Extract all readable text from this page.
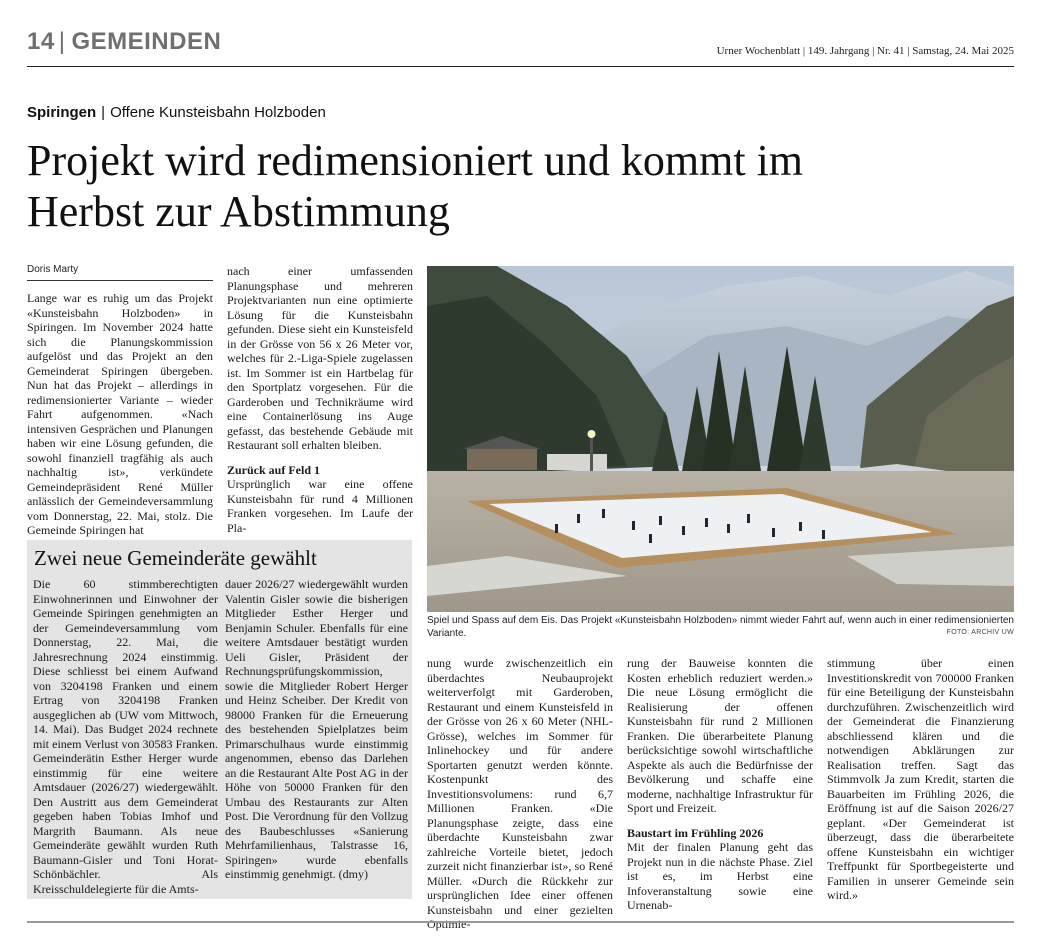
14 | GEMEINDEN	Urner Wochenblatt | 149. Jahrgang | Nr. 41 | Samstag, 24. Mai 2025
Spiringen | Offene Kunsteisbahn Holzboden
Projekt wird redimensioniert und kommt im
Herbst zur Abstimmung
Doris Marty

Lange war es ruhig um das Projekt «Kunsteisbahn Holzboden» in Spiringen. Im November 2024 hatte sich die Planungskommission aufgelöst und das Projekt an den Gemeinderat Spiringen übergeben. Nun hat das Projekt – allerdings in redimensionierter Variante – wieder Fahrt aufgenommen. «Nach intensiven Gesprächen und Planungen haben wir eine Lösung gefunden, die sowohl finanziell tragfähig als auch nachhaltig ist», verkündete Gemeindepräsident René Müller anlässlich der Gemeindeversammlung vom Donnerstag, 22. Mai, stolz. Die Gemeinde Spiringen hat

nach einer umfassenden Planungsphase und mehreren Projektvarianten nun eine optimierte Lösung für die Kunsteisbahn gefunden. Diese sieht ein Kunsteisfeld in der Grösse von 56 x 26 Meter vor, welches für 2.-Liga-Spiele zugelassen ist. Im Sommer ist ein Hartbelag für den Sportplatz vorgesehen. Für die Garderoben und Technikräume wird eine Containerlösung ins Auge gefasst, das bestehende Gebäude mit Restaurant soll erhalten bleiben.

Zurück auf Feld 1

Ursprünglich war eine offene Kunsteisbahn für rund 4 Millionen Franken vorgesehen. Im Laufe der Pla-

Spiel und Spass auf dem Eis. Das Projekt «Kunsteisbahn Holzboden» nimmt wieder Fahrt auf, wenn auch in einer redimensionierten Variante.	FOTO: ARCHIV UW
Zwei neue Gemeinderäte gewählt

Die 60 stimmberechtigten Einwohnerinnen und Einwohner der Gemeinde Spiringen genehmigten an der Gemeindeversammlung vom Donnerstag, 22. Mai, die Jahresrechnung 2024 einstimmig. Diese schliesst bei einem Aufwand von 3204198 Franken und einem Ertrag von 3204198 Franken ausgeglichen ab (UW vom Mittwoch, 14. Mai). Das Budget 2024 rechnete mit einem Verlust von 30583 Franken. Gemeinderätin Esther Herger wurde einstimmig für eine weitere Amtsdauer (2026/27) wiedergewählt. Den Austritt aus dem Gemeinderat gegeben haben Tobias Imhof und Margrith Baumann. Als neue Gemeinderäte gewählt wurden Ruth Baumann-Gisler und Toni Horat-Schönbächler. Als Kreisschuldelegierte für die Amts-

dauer 2026/27 wiedergewählt wurden Valentin Gisler sowie die bisherigen Mitglieder Esther Herger und Benjamin Schuler. Ebenfalls für eine weitere Amtsdauer bestätigt wurden Ueli Gisler, Präsident der Rechnungsprüfungskommission, sowie die Mitglieder Robert Herger und Heinz Scheiber. Der Kredit von 98000 Franken für die Erneuerung des bestehenden Spielplatzes beim Primarschulhaus wurde einstimmig angenommen, ebenso das Darlehen an die Restaurant Alte Post AG in der Höhe von 50000 Franken für den Umbau des Restaurants zur Alten Post. Die Verordnung für den Vollzug des Baubeschlusses «Sanierung Mehrfamilienhaus, Talstrasse 16, Spiringen» wurde ebenfalls einstimmig genehmigt. (dmy)

nung wurde zwischenzeitlich ein überdachtes Neubauprojekt weiterverfolgt mit Garderoben, Restaurant und einem Kunsteisfeld in der Grösse von 26 x 60 Meter (NHL-Grösse), welches im Sommer für Inlinehockey und für andere Sportarten genutzt werden könnte. Kostenpunkt des Investitionsvolumens: rund 6,7 Millionen Franken. «Die Planungsphase zeigte, dass eine überdachte Kunsteisbahn zwar zahlreiche Vorteile bietet, jedoch zurzeit nicht finanzierbar ist», so René Müller. «Durch die Rückkehr zur ursprünglichen Idee einer offenen Kunsteisbahn und einer gezielten Optimie-

rung der Bauweise konnten die Kosten erheblich reduziert werden.» Die neue Lösung ermöglicht die Realisierung der offenen Kunsteisbahn für rund 2 Millionen Franken. Die überarbeitete Planung berücksichtige sowohl wirtschaftliche Aspekte als auch die Bedürfnisse der Bevölkerung und schaffe eine moderne, nachhaltige Infrastruktur für Sport und Freizeit.

Baustart im Frühling 2026

Mit der finalen Planung geht das Projekt nun in die nächste Phase. Ziel ist es, im Herbst eine Infoveranstaltung sowie eine Urnenab-

stimmung über einen Investitionskredit von 700000 Franken für eine Beteiligung der Kunsteisbahn durchzuführen. Zwischenzeitlich wird der Gemeinderat die Finanzierung abschliessend klären und die notwendigen Abklärungen zur Realisation treffen. Sagt das Stimmvolk Ja zum Kredit, starten die Bauarbeiten im Frühling 2026, die Eröffnung ist auf die Saison 2026/27 geplant. «Der Gemeinderat ist überzeugt, dass die überarbeitete offene Kunsteisbahn ein wichtiger Treffpunkt für Sportbegeisterte und Familien in unserer Gemeinde sein wird.»
